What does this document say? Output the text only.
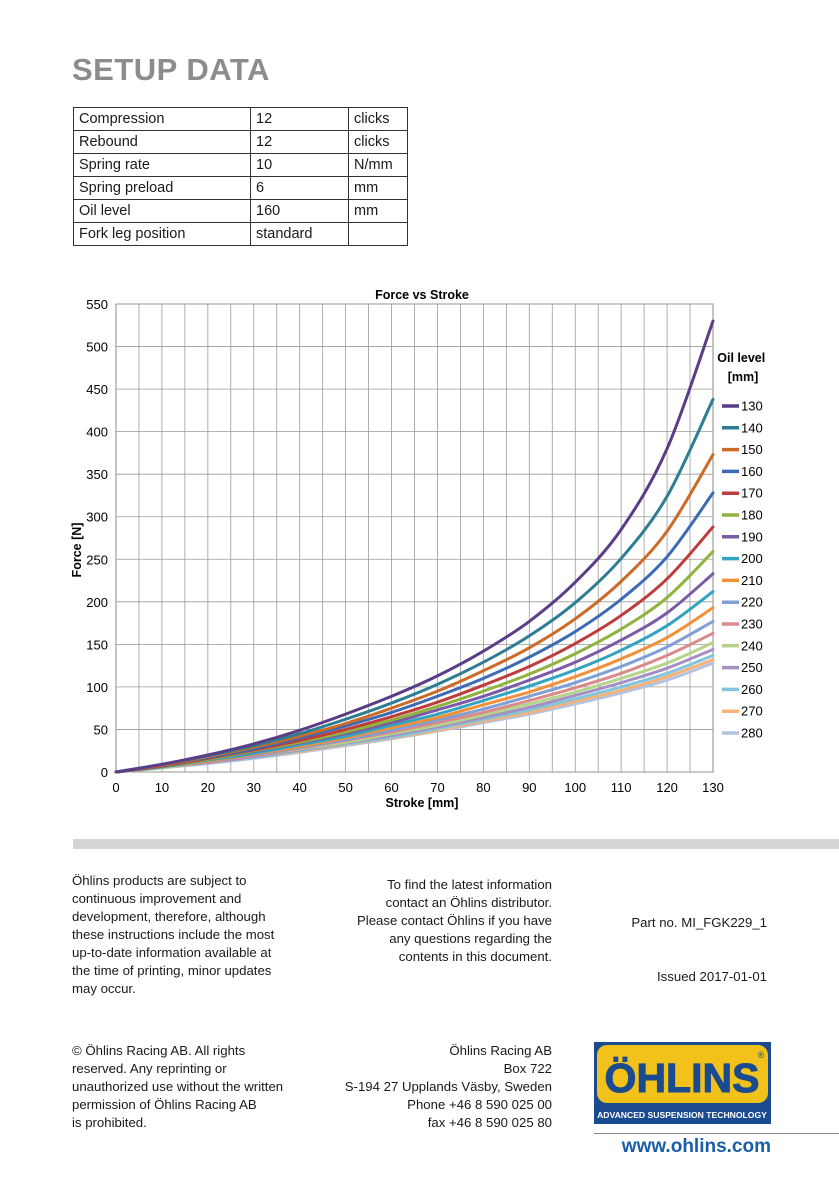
SETUP DATA
Compression	12	clicks
Rebound	12	clicks
Spring rate	10	N/mm
Spring preload	6	mm
Oil level	160	mm
Fork leg position	standard	
0	10 20 30 40 50 60 70 80 90 100 110 120 130
0
50
100
150
200
250
300
350
400
450
500
550
130
140
150
160
170
180
190
200
210
220
230
240
250
260
270
280
Force vs Stroke
Stroke [mm]
Force [N]
Oil level [mm]
Öhlins products are subject to
continuous improvement and
development, therefore, although
these instructions include the most
up-to-date information available at
the time of printing, minor updates
may occur.
To find the latest information
contact an Öhlins distributor.
Please contact Öhlins if you have
any questions regarding the
contents in this document.

Part no. MI_FGK229_1

Issued 2017-01-01

© Öhlins Racing AB. All rights
reserved. Any reprinting or
unauthorized use without the written
permission of Öhlins Racing AB
is prohibited.
Öhlins Racing AB
Box 722
S-194 27 Upplands Väsby, Sweden
Phone +46 8 590 025 00
fax +46 8 590 025 80
ÖHLINS
®
ADVANCED SUSPENSION TECHNOLOGY
www.ohlins.com
